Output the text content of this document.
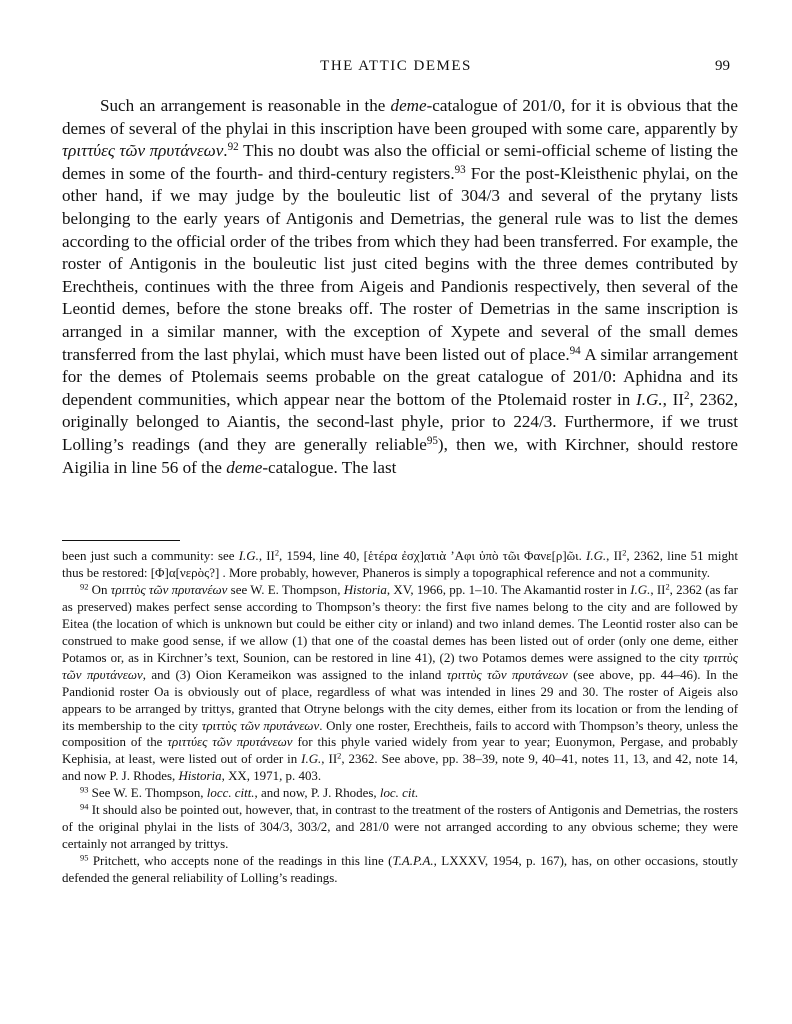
THE ATTIC DEMES	99

Such an arrangement is reasonable in the deme-catalogue of 201/0, for it is obvious that the demes of several of the phylai in this inscription have been grouped with some care, apparently by τριττύες τῶν πρυτάνεων.$^{92}$ This no doubt was also the official or semi-official scheme of listing the demes in some of the fourth- and third-century registers.$^{93}$ For the post-Kleisthenic phylai, on the other hand, if we may judge by the bouleutic list of 304/3 and several of the prytany lists belonging to the early years of Antigonis and Demetrias, the general rule was to list the demes according to the official order of the tribes from which they had been transferred. For example, the roster of Antigonis in the bouleutic list just cited begins with the three demes contributed by Erechtheis, continues with the three from Aigeis and Pandionis respectively, then several of the Leontid demes, before the stone breaks off. The roster of Demetrias in the same inscription is arranged in a similar manner, with the exception of Xypete and several of the small demes transferred from the last phylai, which must have been listed out of place.$^{94}$ A similar arrangement for the demes of Ptolemais seems probable on the great catalogue of 201/0: Aphidna and its dependent communities, which appear near the bottom of the Ptolemaid roster in I.G., $II^2$, 2362, originally belonged to Aiantis, the second-last phyle, prior to 224/3. Furthermore, if we trust Lolling’s readings (and they are generally reliable$^{95}$), then we, with Kirchner, should restore Aigilia in line 56 of the deme-catalogue. The last

been just such a community: see I.G., $II^2$, 1594, line 40, [ἑτέρα ἐσχ]ατιὰ ’Αφι ὑπὸ τῶι Φανε[ρ]ῶι. I.G., $II^2$, 2362, line 51 might thus be restored: [Φ]α[νερὸς?] . More probably, however, Phaneros is simply a topographical reference and not a community.

$^{92}$ On τριττὺς τῶν πρυτανέων see W. E. Thompson, Historia, XV, 1966, pp. 1–10. The Akamantid roster in I.G., $II^2$, 2362 (as far as preserved) makes perfect sense according to Thompson’s theory: the first five names belong to the city and are followed by Eitea (the location of which is unknown but could be either city or inland) and two inland demes. The Leontid roster also can be construed to make good sense, if we allow (1) that one of the coastal demes has been listed out of order (only one deme, either Potamos or, as in Kirchner’s text, Sounion, can be restored in line 41), (2) two Potamos demes were assigned to the city τριττὺς τῶν πρυτάνεων, and (3) Oion Kerameikon was assigned to the inland τριττὺς τῶν πρυτάνεων (see above, pp. 44–46). In the Pandionid roster Oa is obviously out of place, regardless of what was intended in lines 29 and 30. The roster of Aigeis also appears to be arranged by trittys, granted that Otryne belongs with the city demes, either from its location or from the lending of its membership to the city τριττὺς τῶν πρυτάνεων. Only one roster, Erechtheis, fails to accord with Thompson’s theory, unless the composition of the τριττύες τῶν πρυτάνεων for this phyle varied widely from year to year; Euonymon, Pergase, and probably Kephisia, at least, were listed out of order in I.G., $II^2$, 2362. See above, pp. 38–39, note 9, 40–41, notes 11, 13, and 42, note 14, and now P. J. Rhodes, Historia, XX, 1971, p. 403.

$^{93}$ See W. E. Thompson, locc. citt., and now, P. J. Rhodes, loc. cit.

$^{94}$ It should also be pointed out, however, that, in contrast to the treatment of the rosters of Antigonis and Demetrias, the rosters of the original phylai in the lists of 304/3, 303/2, and 281/0 were not arranged according to any obvious scheme; they were certainly not arranged by trittys.

$^{95}$ Pritchett, who accepts none of the readings in this line (T.A.P.A., LXXXV, 1954, p. 167), has, on other occasions, stoutly defended the general reliability of Lolling’s readings.
